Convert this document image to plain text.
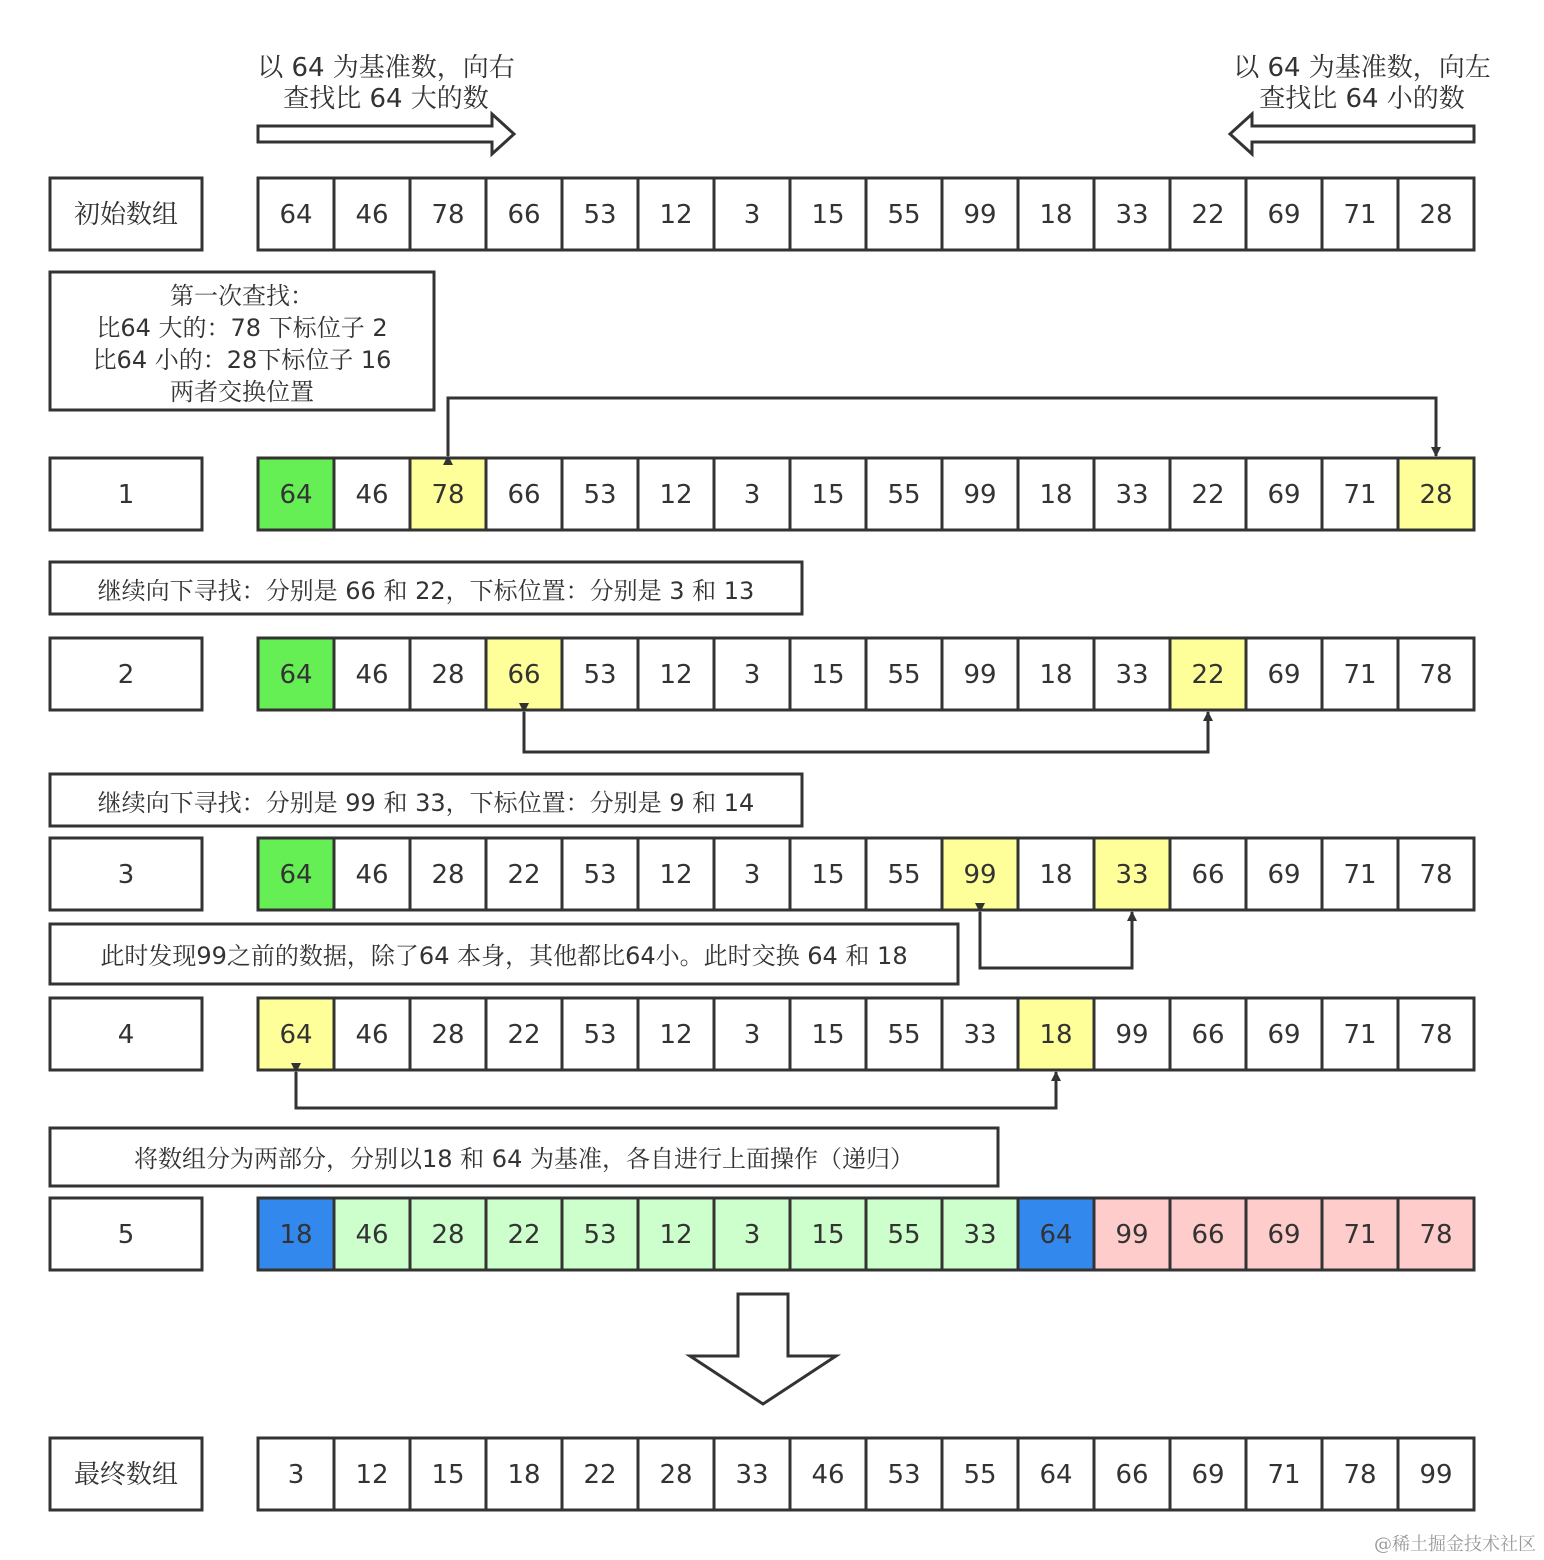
以 64 为基准数，向右
查找比 64 大的数
以 64 为基准数，向左
查找比 64 小的数
第一次查找：
比64 大的：78 下标位子 2
比64 小的：28下标位子 16
两者交换位置
继续向下寻找：分别是 66 和 22，下标位置：分别是 3 和 13
继续向下寻找：分别是 99 和 33，下标位置：分别是 9 和 14
此时发现99之前的数据，除了64 本身，其他都比64小。此时交换 64 和 18
将数组分为两部分，分别以18 和 64 为基准，各自进行上面操作（递归）
初始数组	64 46 78 66 53 12 3 15 55 99 18 33 22 69 71 28
1	64 46 78 66 53 12 3 15 55 99 18 33 22 69 71 28
2	64 46 28 66 53 12 3 15 55 99 18 33 22 69 71 78
3	64 46 28 22 53 12 3 15 55 99 18 33 66 69 71 78
4	64 46 28 22 53 12 3 15 55 33 18 99 66 69 71 78
5	18 46 28 22 53 12 3 15 55 33 64 99 66 69 71 78
最终数组	3 12 15 18 22 28 33 46 53 55 64 66 69 71 78 99
@稀土掘金技术社区
